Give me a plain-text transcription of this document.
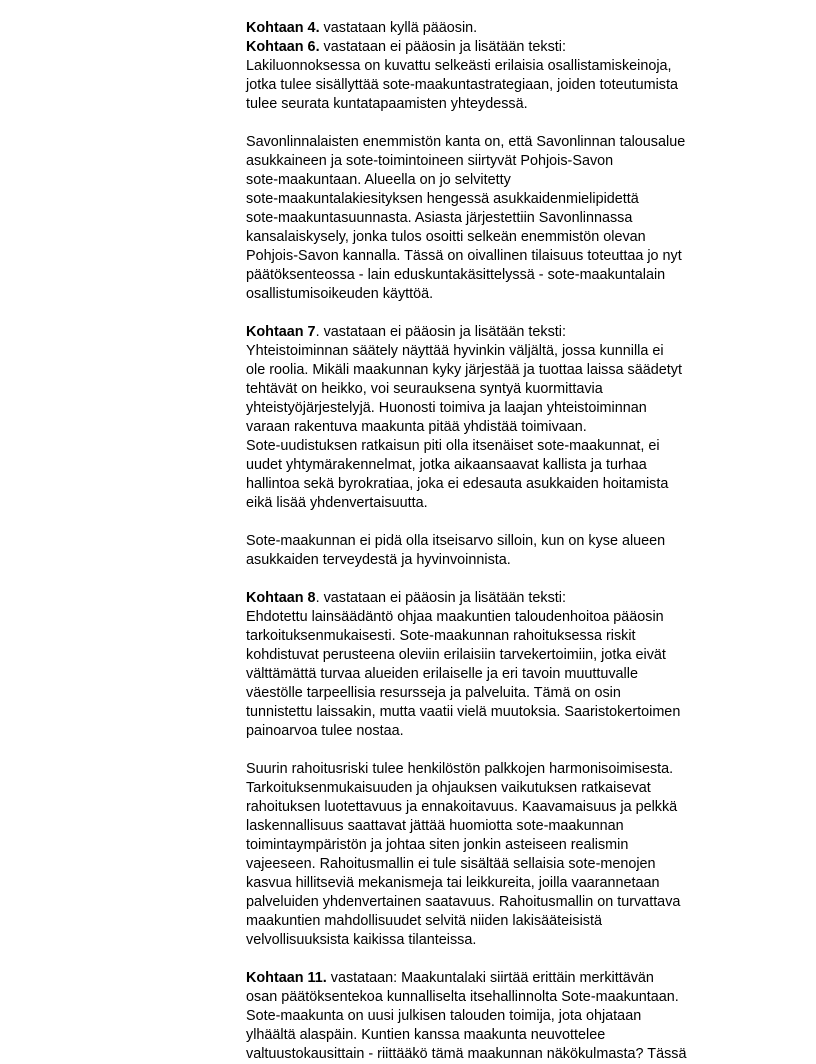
Kohtaan 4. vastataan kyllä pääosin.
Kohtaan 6. vastataan ei pääosin ja lisätään teksti:
Lakiluonnoksessa on kuvattu selkeästi erilaisia osallistamiskeinoja,
jotka tulee sisällyttää sote-maakuntastrategiaan, joiden toteutumista
tulee seurata kuntatapaamisten yhteydessä.
Savonlinnalaisten enemmistön kanta on, että Savonlinnan talousalue
asukkaineen ja sote-toimintoineen siirtyvät Pohjois-Savon
sote-maakuntaan. Alueella on jo selvitetty
sote-maakuntalakiesityksen hengessä asukkaidenmielipidettä
sote-maakuntasuunnasta. Asiasta järjestettiin Savonlinnassa
kansalaiskysely, jonka tulos osoitti selkeän enemmistön olevan
Pohjois-Savon kannalla. Tässä on oivallinen tilaisuus toteuttaa jo nyt
päätöksenteossa - lain eduskuntakäsittelyssä - sote-maakuntalain
osallistumisoikeuden käyttöä.
Kohtaan 7. vastataan ei pääosin ja lisätään teksti:
Yhteistoiminnan säätely näyttää hyvinkin väljältä, jossa kunnilla ei
ole roolia. Mikäli maakunnan kyky järjestää ja tuottaa laissa säädetyt
tehtävät on heikko, voi seurauksena syntyä kuormittavia
yhteistyöjärjestelyjä. Huonosti toimiva ja laajan yhteistoiminnan
varaan rakentuva maakunta pitää yhdistää toimivaan.
Sote-uudistuksen ratkaisun piti olla itsenäiset sote-maakunnat, ei
uudet yhtymärakennelmat, jotka aikaansaavat kallista ja turhaa
hallintoa sekä byrokratiaa, joka ei edesauta asukkaiden hoitamista
eikä lisää yhdenvertaisuutta.
Sote-maakunnan ei pidä olla itseisarvo silloin, kun on kyse alueen
asukkaiden terveydestä ja hyvinvoinnista.
Kohtaan 8. vastataan ei pääosin ja lisätään teksti:
Ehdotettu lainsäädäntö ohjaa maakuntien taloudenhoitoa pääosin
tarkoituksenmukaisesti. Sote-maakunnan rahoituksessa riskit
kohdistuvat perusteena oleviin erilaisiin tarvekertoimiin, jotka eivät
välttämättä turvaa alueiden erilaiselle ja eri tavoin muuttuvalle
väestölle tarpeellisia resursseja ja palveluita. Tämä on osin
tunnistettu laissakin, mutta vaatii vielä muutoksia. Saaristokertoimen
painoarvoa tulee nostaa.
Suurin rahoitusriski tulee henkilöstön palkkojen harmonisoimisesta.
Tarkoituksenmukaisuuden ja ohjauksen vaikutuksen ratkaisevat
rahoituksen luotettavuus ja ennakoitavuus. Kaavamaisuus ja pelkkä
laskennallisuus saattavat jättää huomiotta sote-maakunnan
toimintaympäristön ja johtaa siten jonkin asteiseen realismin
vajeeseen. Rahoitusmallin ei tule sisältää sellaisia sote-menojen
kasvua hillitseviä mekanismeja tai leikkureita, joilla vaarannetaan
palveluiden yhdenvertainen saatavuus. Rahoitusmallin on turvattava
maakuntien mahdollisuudet selvitä niiden lakisääteisistä
velvollisuuksista kaikissa tilanteissa.
Kohtaan 11. vastataan: Maakuntalaki siirtää erittäin merkittävän
osan päätöksentekoa kunnalliselta itsehallinnolta Sote-maakuntaan.
Sote-maakunta on uusi julkisen talouden toimija, jota ohjataan
ylhäältä alaspäin. Kuntien kanssa maakunta neuvottelee
valtuustokausittain - riittääkö tämä maakunnan näkökulmasta? Tässä
